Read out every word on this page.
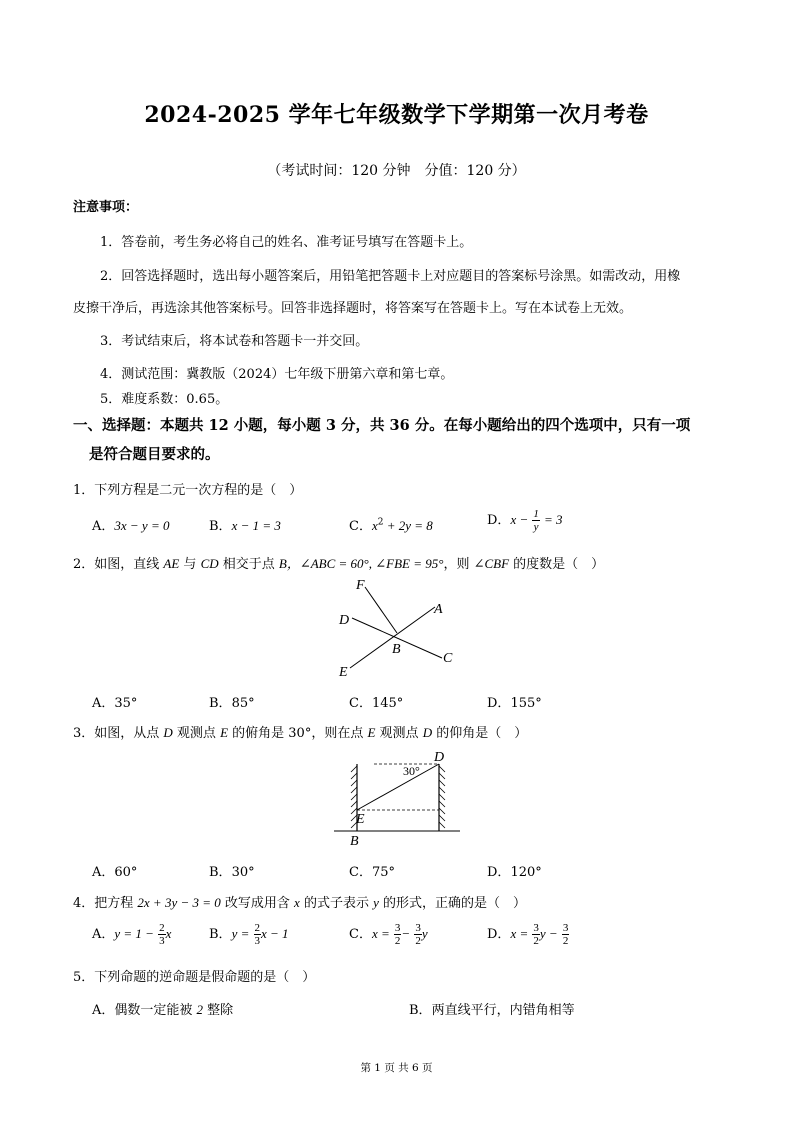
2024-2025 学年七年级数学下学期第一次月考卷
（考试时间：120 分钟　分值：120 分）
注意事项：
1．答卷前，考生务必将自己的姓名、准考证号填写在答题卡上。
2．回答选择题时，选出每小题答案后，用铅笔把答题卡上对应题目的答案标号涂黑。如需改动，用橡
皮擦干净后，再选涂其他答案标号。回答非选择题时，将答案写在答题卡上。写在本试卷上无效。
3．考试结束后，将本试卷和答题卡一并交回。
4．测试范围：冀教版（2024）七年级下册第六章和第七章。
5．难度系数：0.65。
一、选择题：本题共 12 小题，每小题 3 分，共 36 分。在每小题给出的四个选项中，只有一项
是符合题目要求的。
1．下列方程是二元一次方程的是（　）
A．3x − y = 0	B．x − 1 = 3	C．$x^2 + 2y = 8$	D．$x - \frac{1}{y} = 3$
2．如图，直线 AE 与 CD 相交于点 B，∠ABC = 60°, ∠FBE = 95°，则 ∠CBF 的度数是（　）
F
D
A
B
C
E
A．35°	B．85°	C．145°	D．155°
3．如图，从点 D 观测点 E 的俯角是 30°，则在点 E 观测点 D 的仰角是（　）
30°
D
E
B
A．60°	B．30°	C．75°	D．120°
4．把方程 2x + 3y − 3 = 0 改写成用含 x 的式子表示 y 的形式，正确的是（　）
A．$y = 1 - \frac{2}{3}$ x	B．$y = \frac{2}{3}$ x − 1	C．$x = \frac{3}{2} - \frac{3}{2}$ y	D．$x = \frac{3}{2}$ $y - \frac{3}{2}$
5．下列命题的逆命题是假命题的是（　）
A．偶数一定能被 2 整除	B．两直线平行，内错角相等
第 1 页 共 6 页
